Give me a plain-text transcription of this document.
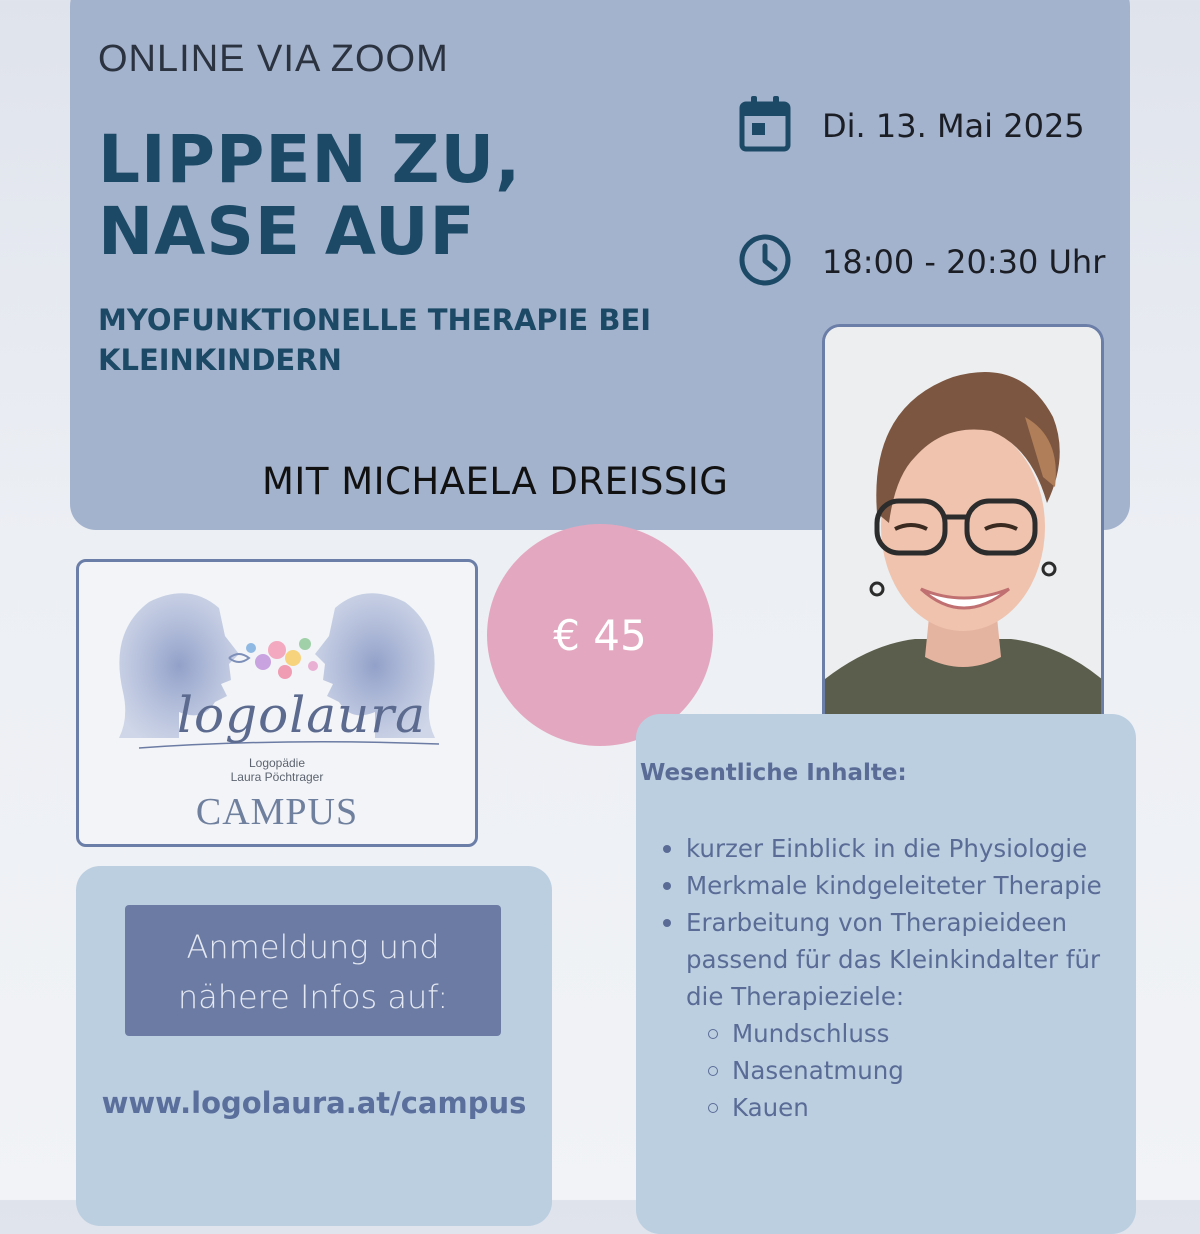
ONLINE VIA ZOOM
LIPPEN ZU,
NASE AUF
MYOFUNKTIONELLE THERAPIE BEI KLEINKINDERN
MIT MICHAELA DREISSIG
Di. 13. Mai 2025
18:00 - 20:30 Uhr
€ 45
logolaura
Logopädie
Laura Pöchtrager
CAMPUS
Anmeldung und
nähere Infos auf:
www.logolaura.at/campus
Wesentliche Inhalte:
kurzer Einblick in die Physiologie
Merkmale kindgeleiteter Therapie
Erarbeitung von Therapieideen passend für das Kleinkindalter für die Therapieziele:
Mundschluss
Nasenatmung
Kauen
